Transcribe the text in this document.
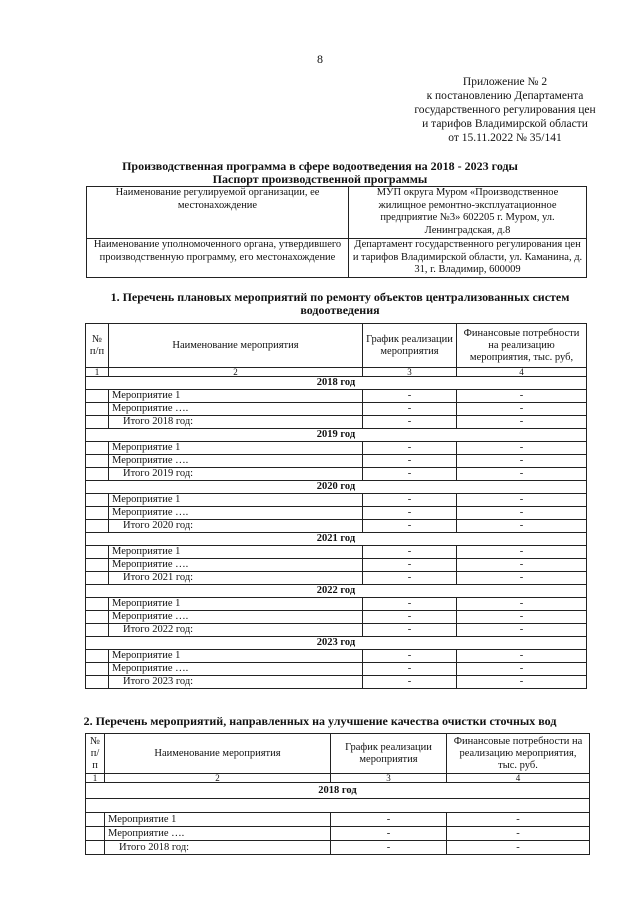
8
Приложение № 2
к постановлению Департамента
государственного регулирования цен
и тарифов Владимирской области
от 15.11.2022 № 35/141
Производственная программа в сфере водоотведения на 2018 - 2023 годы
Паспорт производственной программы
Наименование регулируемой организации, ее местонахождение	МУП округа Муром «Производственное жилищное ремонтно-эксплуатационное предприятие №3» 602205 г. Муром, ул. Ленинградская, д.8
Наименование уполномоченного органа, утвердившего производственную программу, его местонахождение	Департамент государственного регулирования цен и тарифов Владимирской области, ул. Каманина, д. 31, г. Владимир, 600009
1. Перечень плановых мероприятий по ремонту объектов централизованных систем водоотведения
№ п/п	Наименование мероприятия	График реализации мероприятия	Финансовые потребности на реализацию мероприятия, тыс. руб,
1	2	3	4
2018 год			
	Мероприятие 1	-	-
	Мероприятие ….	-	-
	Итого 2018 год:	-	-
2019 год			
	Мероприятие 1	-	-
	Мероприятие ….	-	-
	Итого 2019 год:	-	-
2020 год			
	Мероприятие 1	-	-
	Мероприятие ….	-	-
	Итого 2020 год:	-	-
2021 год			
	Мероприятие 1	-	-
	Мероприятие ….	-	-
	Итого 2021 год:	-	-
2022 год			
	Мероприятие 1	-	-
	Мероприятие ….	-	-
	Итого 2022 год:	-	-
2023 год			
	Мероприятие 1	-	-
	Мероприятие ….	-	-
	Итого 2023 год:	-	-
2. Перечень мероприятий, направленных на улучшение качества очистки сточных вод
№ п/п	Наименование мероприятия	График реализации мероприятия	Финансовые потребности на реализацию мероприятия, тыс. руб.
1	2	3	4
2018 год			

	Мероприятие 1	-	-
	Мероприятие ….	-	-
	Итого 2018 год:	-	-
